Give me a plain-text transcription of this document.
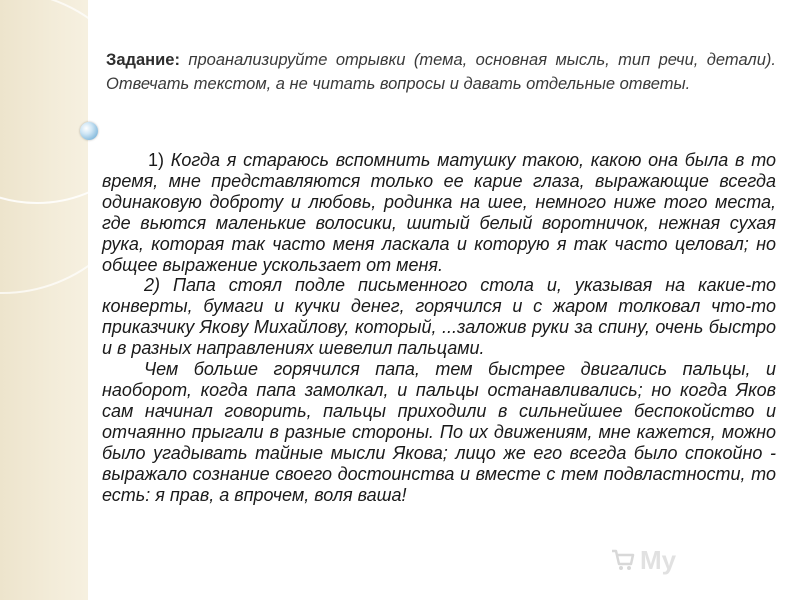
Задание: проанализируйте отрывки (тема, основная мысль, тип речи, детали). Отвечать текстом, а не читать вопросы и давать отдельные ответы.

1) Когда я стараюсь вспомнить матушку такою, какою она была в то время, мне представляются только ее карие глаза, выражающие всегда одинаковую доброту и любовь, родинка на шее, немного ниже того места, где вьются маленькие волосики, шитый белый воротничок, нежная сухая рука, которая так часто меня ласкала и которую я так часто целовал; но общее выражение ускользает от меня.

2) Папа стоял подле письменного стола и, указывая на какие-то конверты, бумаги и кучки денег, горячился и с жаром толковал что-то приказчику Якову Михайлову, который, ...заложив руки за спину, очень быстро и в разных направлениях шевелил пальцами.

Чем больше горячился папа, тем быстрее двигались пальцы, и наоборот, когда папа замолкал, и пальцы останавливались; но когда Яков сам начинал говорить, пальцы приходили в сильнейшее беспокойство и отчаянно прыгали в разные стороны. По их движениям, мне кажется, можно было угадывать тайные мысли Якова; лицо же его всегда было спокойно - выражало сознание своего достоинства и вместе с тем подвластности, то есть: я прав, а впрочем, воля ваша!

My
